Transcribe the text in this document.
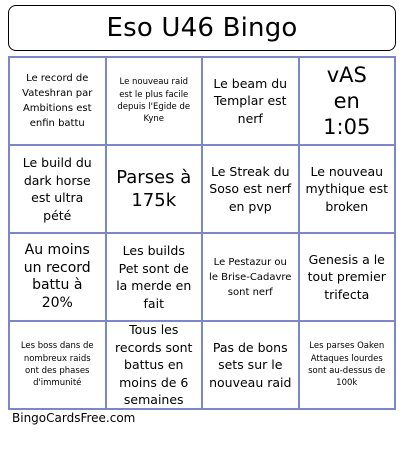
Eso U46 Bingo
Le record de Vateshran par Ambitions est enfin battu
Le nouveau raid est le plus facile depuis l'Egide de Kyne
Le beam du Templar est nerf
vAS en 1:05
Le build du dark horse est ultra pété
Parses à 175k
Le Streak du Soso est nerf en pvp
Le nouveau mythique est broken
Au moins un record battu à 20%
Les builds Pet sont de la merde en fait
Le Pestazur ou le Brise-Cadavre sont nerf
Genesis a le tout premier trifecta
Les boss dans de nombreux raids ont des phases d'immunité
Tous les records sont battus en moins de 6 semaines
Pas de bons sets sur le nouveau raid
Les parses Oaken Attaques lourdes sont au-dessus de 100k
BingoCardsFree.com
